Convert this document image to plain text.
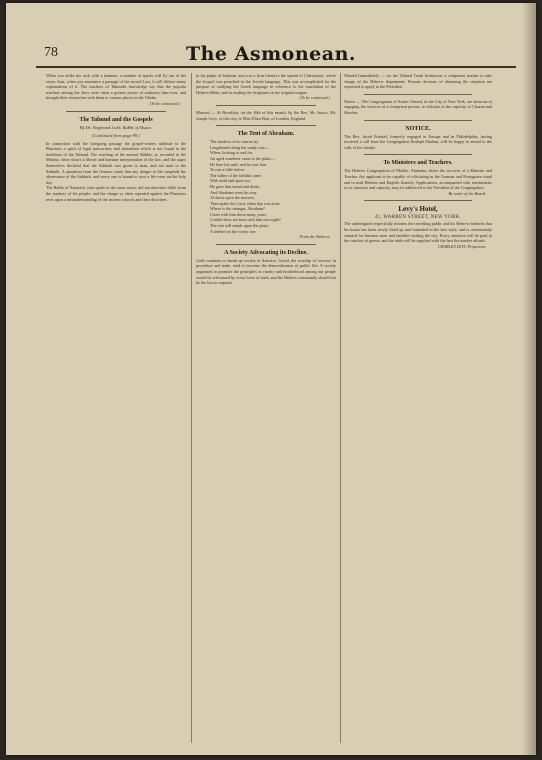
78	The Asmonean.
When you strike the rock with a hammer, a number of sparks will fly out of the stone; thus, when you announce a passage of the sacred Law, it will diffuse many explanations of it. The teachers of Talmudic knowledge say that the popular teachers among the Jews were often a greater power of authority than ever, and brought their researches with them to various places in the Ghetto.
(To be continued.)
The Talmud and the Gospels
By Dr. Siegmund Loeb, Rabbi of Alsace.
(Continued from page 99.)
In connection with the foregoing passage the gospel-writers attribute to the Pharisees a spirit of legal narrowness and formalism which is not found in the traditions of the Talmud. The teaching of the ancient Rabbis, as recorded in the Mishna, often shows a liberal and humane interpretation of the law, and the sages themselves declared that the Sabbath was given to man, and not man to the Sabbath. A quotation from the Gemara states that any danger to life suspends the observance of the Sabbath, and every one is bound to save a life even on the holy day.
The Rabbi of Nazareth, who spoke in the same sense, did not therefore differ from the teachers of his people; and the charge so often repeated against the Pharisees rests upon a misunderstanding of the ancient schools and their doctrines.
in the pulpit of Judaism, and was a firm friend to the spread of Christianity, where the Gospel was preached in the Jewish language. This was accomplished for the purpose of studying the Greek language in reference to the translation of the Hebrew Bible, and in reading the Scriptures in the original tongue.
(To be continued.)
Married — At Brooklyn, on the 16th of this month, by the Rev. Mr. Isaacs, Mr. Joseph Levy, of this city, to Miss Eliza Hart, of London, England.
The Tent of Abraham.
The shadow of its canvas lay
Lengthened along the sandy way—
When, looking to and fro,
An aged wanderer came to the plain—
He bore his staff, and he was fain
To rest a little below.
The father of the faithful came
With mild and open eye,
He gave him bread and drink;
And Abraham went his way
At dawn upon the morrow.
Then spake the Lord, when day was done,
Where is the stranger, Abraham?
I bore with him these many years;
Couldst thou not bear with him one night?
The tent still stands upon the plain,
A shelter for the weary one.
From the Hebrew.
A Society Advocating its Decline.
Gold continues to break up society in America. Greed, the worship of 'success' in procedure and trade, tend to increase the demoralization of public life. A society organized to promote the principles of charity and brotherhood among our people would be welcomed by every lover of truth, and the Hebrew community should not be the last to respond.
Wanted Immediately — for the Talmud Torah Institution, a competent teacher to take charge of the Hebrew department. Persons desirous of obtaining the situation are requested to apply to the President.
Notice — The Congregation of Anshe Chesed, in the City of New York, are desirous of engaging the services of a competent person, to officiate in the capacity of Chazan and Shochet.
NOTICE.
The Rev. Jacob Frankel, formerly engaged in Europe and in Philadelphia, having received a call from the Congregation Rodeph Shalom, will be happy to attend to the calls of his friends.
To Ministers and Teachers.
The Hebrew Congregation of Mobile, Alabama, desire the services of a Minister and Teacher, the applicant to be capable of officiating in the German and Portuguese ritual and to read Hebrew and English fluently. Applications, accompanied with testimonials as to character and capacity, may be addressed to the President of the Congregation.
By order of the Board.
Levy's Hotel,
41, WARREN STREET, NEW YORK.
The undersigned respectfully informs the travelling public and his Hebrew brethren that his house has been newly fitted up and furnished in the best style, and is conveniently situated for business men and families visiting the city. Every attention will be paid to the comfort of guests, and the table will be supplied with the best the market affords.
CHARLES LEVI, Proprietor.
